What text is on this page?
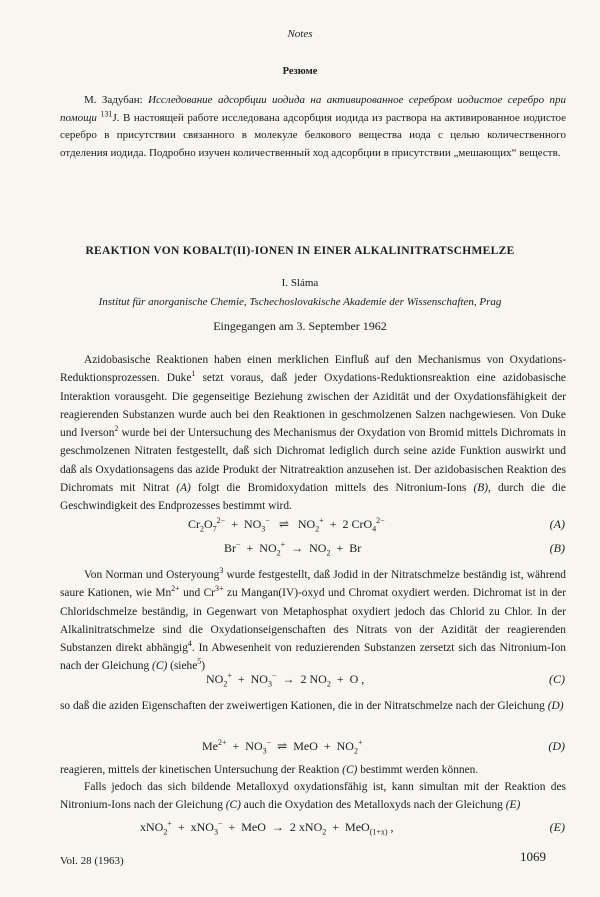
Notes
Резюме
M. Задубан: Исследование адсорбции иодида на активированное серебром иодистое серебро при помощи $^{131}$J. В настоящей работе исследована адсорбция иодида из раствора на активированное иодистое серебро в присутствии связанного в молекуле белкового вещества иода с целью количественного отделения иодида. Подробно изучен количественный ход адсорбции в присутствии „мешающих“ веществ.
REAKTION VON KOBALT(II)-IONEN IN EINER ALKALINITRATSCHMELZE
I. Sláma
Institut für anorganische Chemie, Tschechoslovakische Akademie der Wissenschaften, Prag
Eingegangen am 3. September 1962
Azidobasische Reaktionen haben einen merklichen Einfluß auf den Mechanismus von Oxydations-Reduktionsprozessen. Duke$^1$ setzt voraus, daß jeder Oxydations-Reduktionsreaktion eine azidobasische Interaktion vorausgeht. Die gegenseitige Beziehung zwischen der Azidität und der Oxydationsfähigkeit der reagierenden Substanzen wurde auch bei den Reaktionen in geschmolzenen Salzen nachgewiesen. Von Duke und Iverson$^2$ wurde bei der Untersuchung des Mechanismus der Oxydation von Bromid mittels Dichromats in geschmolzenen Nitraten festgestellt, daß sich Dichromat lediglich durch seine azide Funktion auswirkt und daß als Oxydationsagens das azide Produkt der Nitratreaktion anzusehen ist. Der azidobasischen Reaktion des Dichromats mit Nitrat (A) folgt die Bromidoxydation mittels des Nitronium-Ions (B), durch die die Geschwindigkeit des Endprozesses bestimmt wird.
$Cr_2O_7^{2-} + NO_3^-$   ⇌   $NO_2^+ + 2$ CrO$_4^{2-}$	(A)
$Br^- + NO_2^+ \to NO_2 + Br$	(B)
Von Norman und Osteryoung$^3$ wurde festgestellt, daß Jodid in der Nitratschmelze beständig ist, während saure Kationen, wie $Mn^{2+}$ und $Cr^{3+}$ zu Mangan(IV)-oxyd und Chromat oxydiert werden. Dichromat ist in der Chloridschmelze beständig, in Gegenwart von Metaphosphat oxydiert jedoch das Chlorid zu Chlor. In der Alkalinitratschmelze sind die Oxydationseigenschaften des Nitrats von der Azidität der reagierenden Substanzen direkt abhängig$^4$. In Abwesenheit von reduzierenden Substanzen zersetzt sich das Nitronium-Ion nach der Gleichung (C) (siehe$^5$)
$NO_2^+ + NO_3^- \to 2$ $NO_2 + O$ ,	(C)
so daß die aziden Eigenschaften der zweiwertigen Kationen, die in der Nitratschmelze nach der Gleichung (D)
$Me^{2+} + NO_3^-$  ⇌  MeO  +  $NO_2^+$	(D)
reagieren, mittels der kinetischen Untersuchung der Reaktion (C) bestimmt werden können.
Falls jedoch das sich bildende Metalloxyd oxydationsfähig ist, kann simultan mit der Reaktion des Nitronium-Ions nach der Gleichung (C) auch die Oxydation des Metalloxyds nach der Gleichung (E)
xNO$_2$+  +  xNO$_3$−  +  MeO  →  2 xNO$_2$  +  MeO$_{(1+x)}$ ,	(E)
Vol. 28 (1963)	1069
